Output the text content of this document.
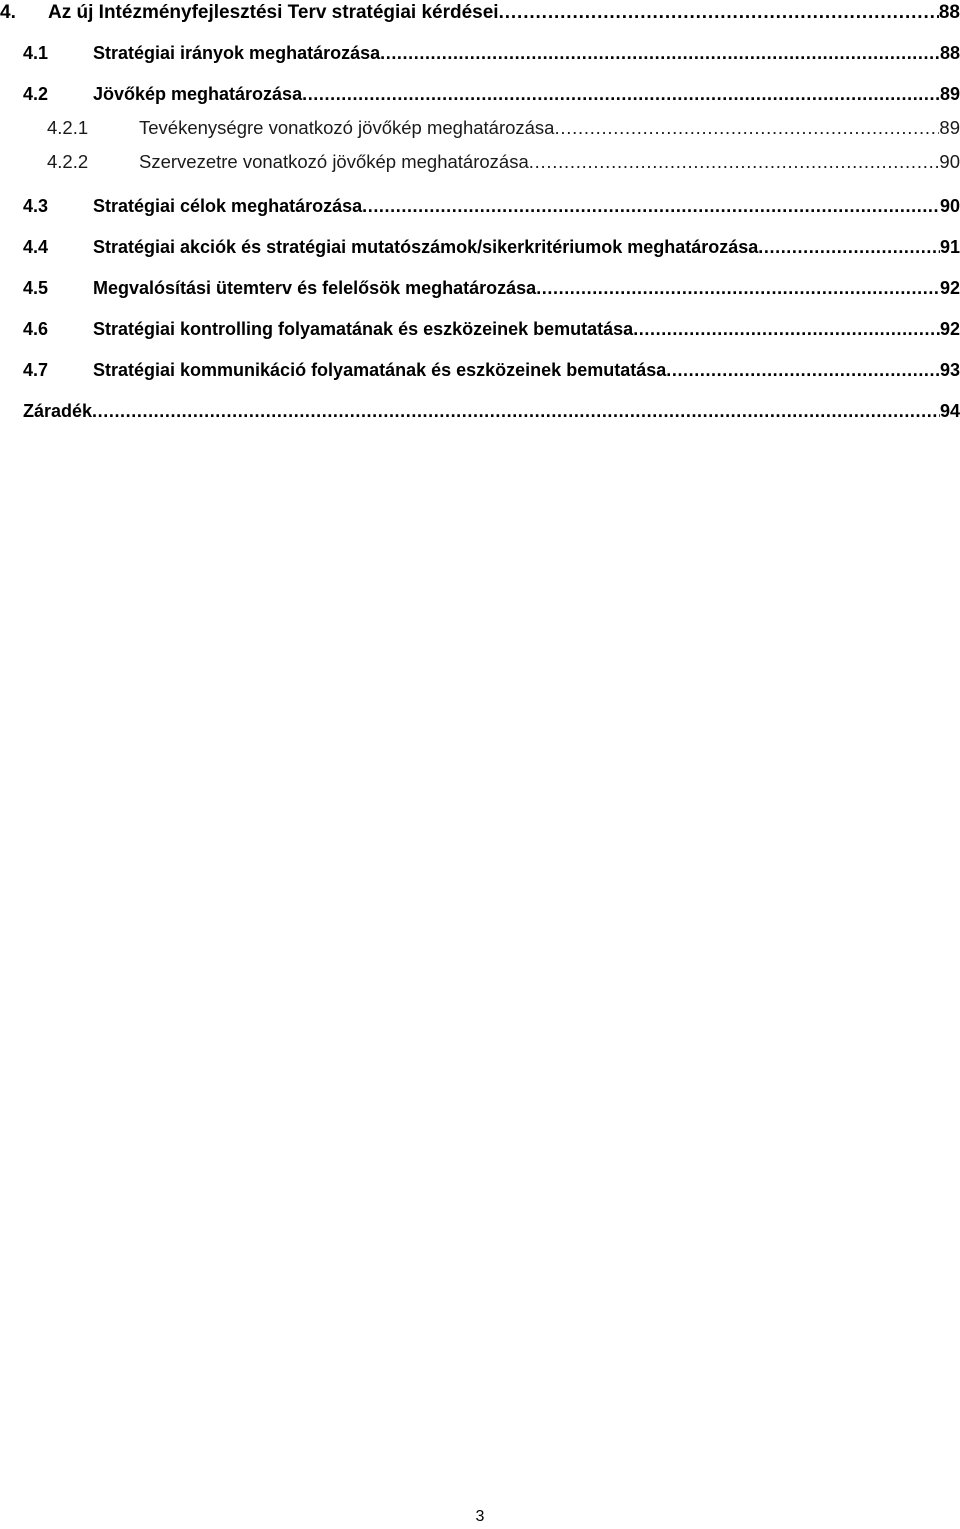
4.	Az új Intézményfejlesztési Terv stratégiai kérdései . . .	88
4.1	Stratégiai irányok meghatározása . . .	88
4.2	Jövőkép meghatározása . . .	89
4.2.1	Tevékenységre vonatkozó jövőkép meghatározása . . .	89
4.2.2	Szervezetre vonatkozó jövőkép meghatározása . . .	90
4.3	Stratégiai célok meghatározása . . .	90
4.4	Stratégiai akciók és stratégiai mutatószámok/sikerkritériumok meghatározása . . .	91
4.5	Megvalósítási ütemterv és felelősök meghatározása . . .	92
4.6	Stratégiai kontrolling folyamatának és eszközeinek bemutatása . . .	92
4.7	Stratégiai kommunikáció folyamatának és eszközeinek bemutatása . . .	93
Záradék . . .	94
3
